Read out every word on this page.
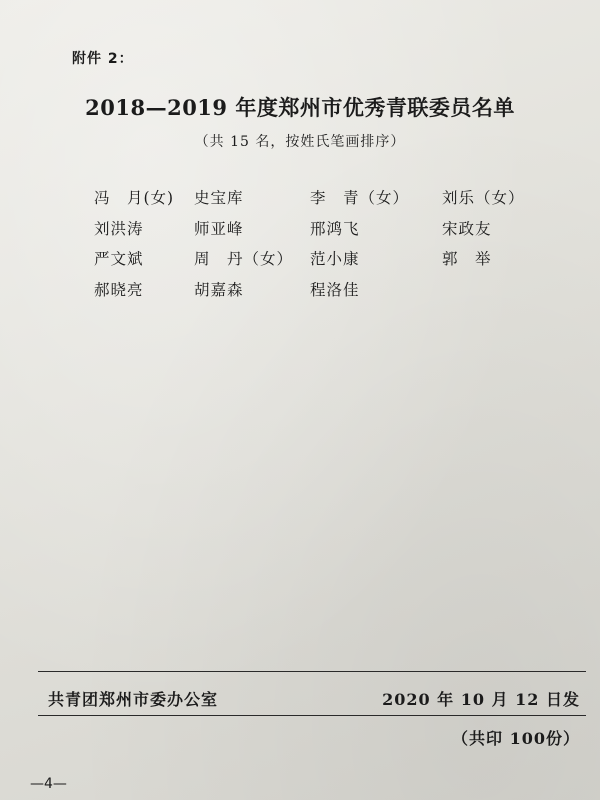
附件 2：
2018—2019 年度郑州市优秀青联委员名单
（共 15 名，按姓氏笔画排序）
冯　月(女) 史宝库	李　青（女） 刘乐（女）
刘洪涛	师亚峰	邢鸿飞	宋政友
严文斌	周　丹（女） 范小康	郭　举
郝晓亮	胡嘉森	程洛佳
共青团郑州市委办公室	2020 年 10 月 12 日发
（共印 100份）
—4—
